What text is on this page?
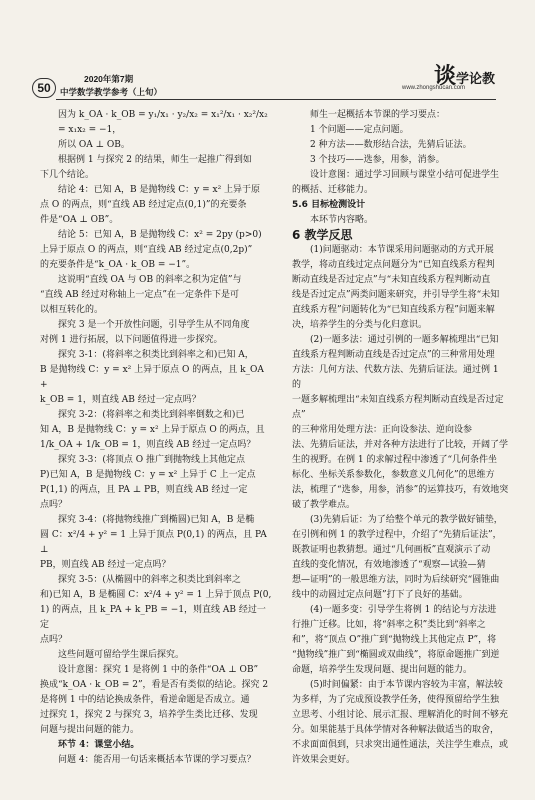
50
2020年第7期
中学数学教学参考（上旬）	www.zhongshucan.com
谈学论教

因为 k_OA · k_OB = y₁/x₁ · y₂/x₂ = x₁²/x₁ · x₂²/x₂ = x₁x₂ = −1，

所以 OA ⊥ OB。

根据例 1 与探究 2 的结果，师生一起推广得到如

下几个结论。

结论 4：已知 A，B 是抛物线 C：y = x² 上异于原

点 O 的两点，则“直线 AB 经过定点(0,1)”的充要条

件是“OA ⊥ OB”。

结论 5：已知 A，B 是抛物线 C：x² = 2py (p>0)

上异于原点 O 的两点，则“直线 AB 经过定点(0,2p)”

的充要条件是“k_OA · k_OB = −1”。

这说明“直线 OA 与 OB 的斜率之积为定值”与

“直线 AB 经过对称轴上一定点”在一定条件下是可

以相互转化的。

探究 3 是一个开放性问题，引导学生从不同角度

对例 1 进行拓展，以下问题值得进一步探究。

探究 3-1：(将斜率之积类比到斜率之和)已知 A，

B 是抛物线 C：y = x² 上异于原点 O 的两点，且 k_OA +

k_OB = 1，则直线 AB 经过一定点吗？

探究 3-2：(将斜率之和类比到斜率倒数之和)已

知 A，B 是抛物线 C：y = x² 上异于原点 O 的两点，且

1/k_OA + 1/k_OB = 1，则直线 AB 经过一定点吗？

探究 3-3：(将顶点 O 推广到抛物线上其他定点

P)已知 A，B 是抛物线 C：y = x² 上异于 C 上一定点

P(1,1) 的两点，且 PA ⊥ PB，则直线 AB 经过一定

点吗？

探究 3-4：(将抛物线推广到椭圆)已知 A，B 是椭

圆 C：x²/4 + y² = 1 上异于顶点 P(0,1) 的两点，且 PA ⊥

PB，则直线 AB 经过一定点吗？

探究 3-5：(从椭圆中的斜率之积类比到斜率之

和)已知 A，B 是椭圆 C：x²/4 + y² = 1 上异于顶点 P(0,

1) 的两点，且 k_PA + k_PB = −1，则直线 AB 经过一定

点吗？

这些问题可留给学生课后探究。

设计意图：探究 1 是将例 1 中的条件“OA ⊥ OB”

换成“k_OA · k_OB = 2”，看是否有类似的结论。探究 2

是将例 1 中的结论换成条件，看逆命题是否成立。通

过探究 1，探究 2 与探究 3，培养学生类比迁移、发现

问题与提出问题的能力。

环节 4：课堂小结。

问题 4：能否用一句话来概括本节课的学习要点？

师生一起概括本节课的学习要点：

1 个问题——定点问题。

2 种方法——数形结合法，先猜后证法。

3 个技巧——选参，用参，消参。

设计意图：通过学习回顾与课堂小结可促进学生

的概括、迁移能力。

5.6 目标检测设计

本环节内容略。

6 教学反思

(1)问题驱动：本节课采用问题驱动的方式开展

教学，将动直线过定点问题分为“已知直线系方程判

断动直线是否过定点”与“未知直线系方程判断动直

线是否过定点”两类问题来研究，并引导学生将“未知

直线系方程”问题转化为“已知直线系方程”问题来解

决，培养学生的分类与化归意识。

(2)一题多法：通过引例的一题多解梳理出“已知

直线系方程判断动直线是否过定点”的三种常用处理

方法：几何方法、代数方法、先猜后证法。通过例 1 的

一题多解梳理出“未知直线系方程判断动直线是否过定点”

的三种常用处理方法：正向设参法、逆向设参

法、先猜后证法，并对各种方法进行了比较，开阔了学

生的视野。在例 1 的求解过程中渗透了“几何条件坐

标化、坐标关系参数化，参数意义几何化”的思维方

法，梳理了“选参，用参，消参”的运算技巧，有效地突

破了教学难点。

(3)先猜后证：为了给整个单元的教学做好铺垫，

在引例和例 1 的教学过程中，介绍了“先猜后证法”，

既教证明也教猜想。通过“几何画板”直观演示了动

直线的变化情况，有效地渗透了“观察—试验—猜

想—证明”的一般思维方法，同时为后续研究“圆锥曲

线中的动圆过定点问题”打下了良好的基础。

(4)一题多变：引导学生将例 1 的结论与方法进

行推广迁移。比如，将“斜率之积”类比到“斜率之

和”，将“顶点 O”推广到“抛物线上其他定点 P”，将

“抛物线”推广到“椭圆或双曲线”，将原命题推广到逆

命题，培养学生发现问题、提出问题的能力。

(5)时间偏紧：由于本节课内容较为丰富，解法较

为多样，为了完成预设教学任务，使得预留给学生独

立思考、小组讨论、展示汇报、理解消化的时间不够充

分。如果能基于具体学情对各种解法做适当的取舍，

不求面面俱到，只求突出通性通法，关注学生难点，或

许效果会更好。
